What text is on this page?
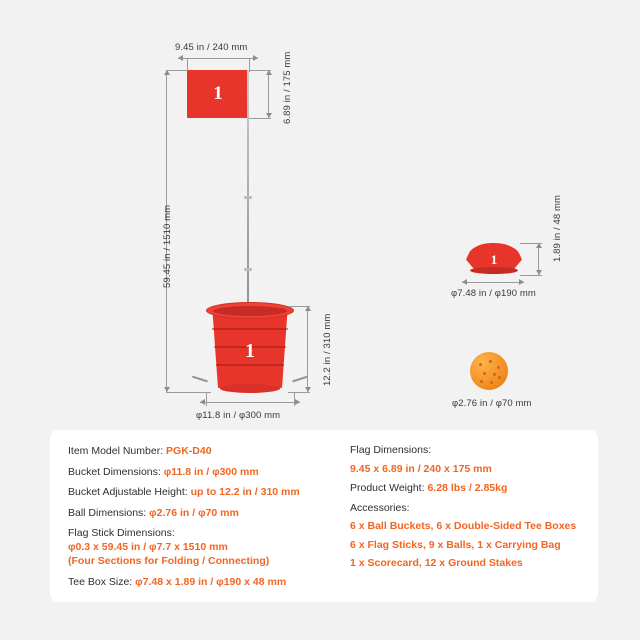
9.45 in / 240 mm
1	6.89 in / 175 mm
59.45 in / 1510 mm
1	12.2 in / 310 mm
φ11.8 in / φ300 mm
1	1.89 in / 48 mm
φ7.48 in / φ190 mm
φ2.76 in / φ70 mm
Item Model Number: PGK-D40
Bucket Dimensions: φ11.8 in / φ300 mm
Bucket Adjustable Height: up to 12.2 in / 310 mm
Ball Dimensions: φ2.76 in / φ70 mm
Flag Stick Dimensions:
φ0.3 x 59.45 in / φ7.7 x 1510 mm
(Four Sections for Folding / Connecting)
Tee Box Size: φ7.48 x 1.89 in / φ190 x 48 mm
Flag Dimensions:
9.45 x 6.89 in / 240 x 175 mm
Product Weight: 6.28 lbs / 2.85kg
Accessories:
6 x Ball Buckets, 6 x Double-Sided Tee Boxes
6 x Flag Sticks, 9 x Balls, 1 x Carrying Bag
1 x Scorecard, 12 x Ground Stakes
